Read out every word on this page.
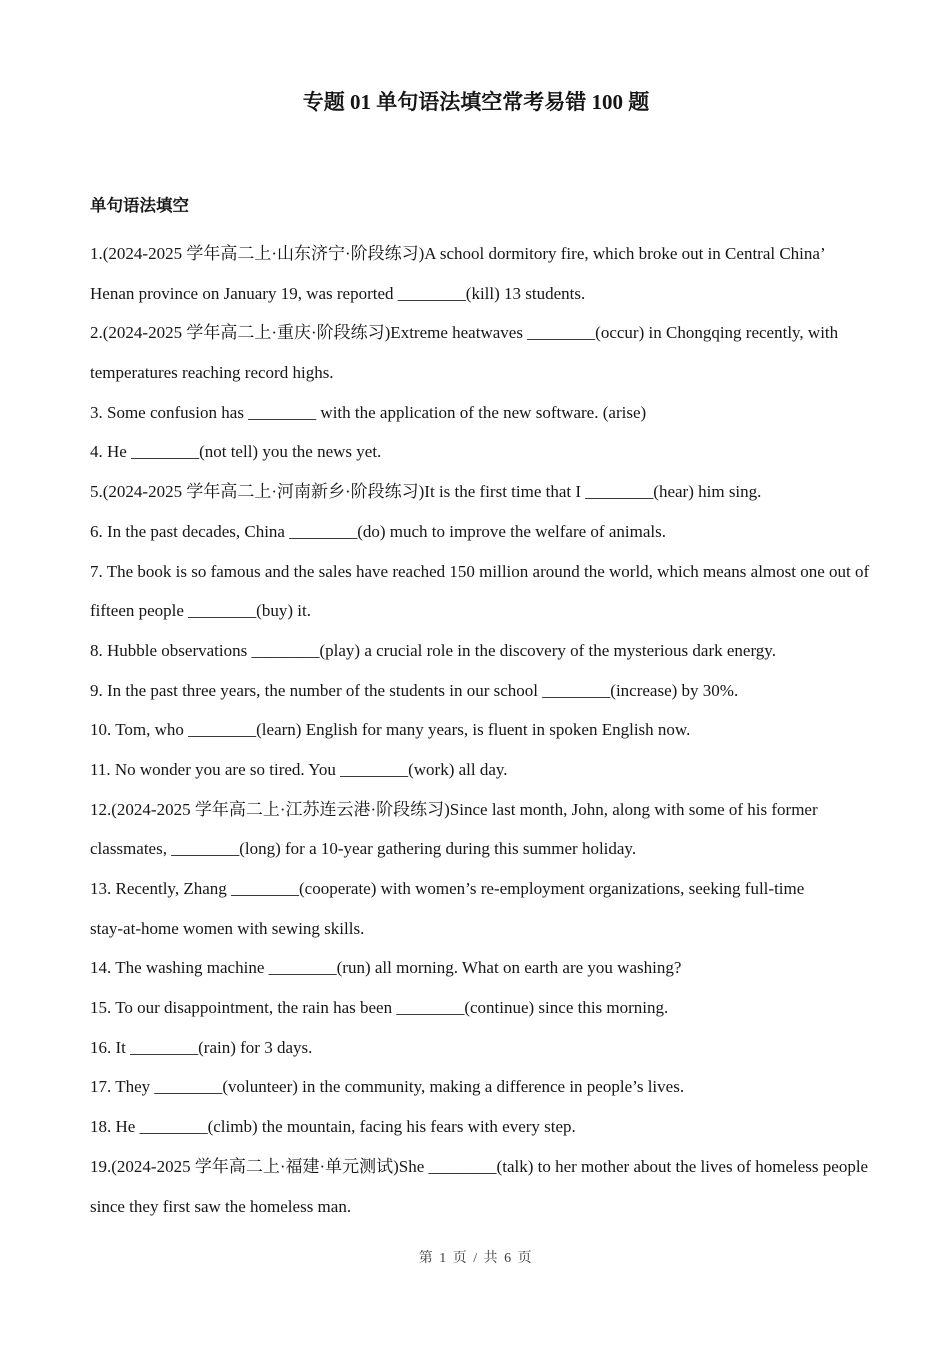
专题 01 单句语法填空常考易错 100 题
单句语法填空
1.(2024-2025 学年高二上·山东济宁·阶段练习)A school dormitory fire, which broke out in Central China’
Henan province on January 19, was reported ________(kill) 13 students.
2.(2024-2025 学年高二上·重庆·阶段练习)Extreme heatwaves ________(occur) in Chongqing recently, with
temperatures reaching record highs.
3. Some confusion has ________ with the application of the new software. (arise)
4. He ________(not tell) you the news yet.
5.(2024-2025 学年高二上·河南新乡·阶段练习)It is the first time that I ________(hear) him sing.
6. In the past decades, China ________(do) much to improve the welfare of animals.
7. The book is so famous and the sales have reached 150 million around the world, which means almost one out of
fifteen people ________(buy) it.
8. Hubble observations ________(play) a crucial role in the discovery of the mysterious dark energy.
9. In the past three years, the number of the students in our school ________(increase) by 30%.
10. Tom, who ________(learn) English for many years, is fluent in spoken English now.
11. No wonder you are so tired. You ________(work) all day.
12.(2024-2025 学年高二上·江苏连云港·阶段练习)Since last month, John, along with some of his former
classmates, ________(long) for a 10-year gathering during this summer holiday.
13. Recently, Zhang ________(cooperate) with women’s re-employment organizations, seeking full-time
stay-at-home women with sewing skills.
14. The washing machine ________(run) all morning. What on earth are you washing?
15. To our disappointment, the rain has been ________(continue) since this morning.
16. It ________(rain) for 3 days.
17. They ________(volunteer) in the community, making a difference in people’s lives.
18. He ________(climb) the mountain, facing his fears with every step.
19.(2024-2025 学年高二上·福建·单元测试)She ________(talk) to her mother about the lives of homeless people
since they first saw the homeless man.
第 1 页 / 共 6 页
